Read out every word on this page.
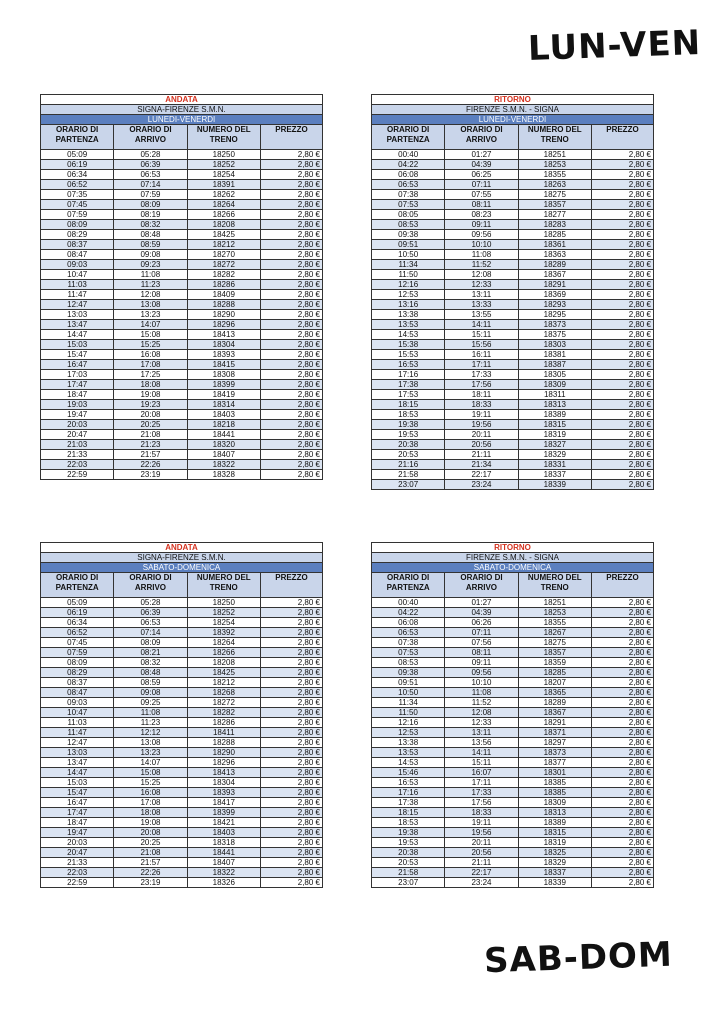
LUN-VEN
SAB-DOM
ANDATA			
SIGNA-FIRENZE S.M.N.			
LUNEDI-VENERDI			
ORARIO DI PARTENZA	ORARIO DI ARRIVO	NUMERO DEL TRENO	PREZZO
05:09	05:28	18250	2,80 €
06:19	06:39	18252	2,80 €
06:34	06:53	18254	2,80 €
06:52	07:14	18391	2,80 €
07:35	07:59	18262	2,80 €
07:45	08:09	18264	2,80 €
07:59	08:19	18266	2,80 €
08:09	08:32	18208	2,80 €
08:29	08:48	18425	2,80 €
08:37	08:59	18212	2,80 €
08:47	09:08	18270	2,80 €
09:03	09:23	18272	2,80 €
10:47	11:08	18282	2,80 €
11:03	11:23	18286	2,80 €
11:47	12:08	18409	2,80 €
12:47	13:08	18288	2,80 €
13:03	13:23	18290	2,80 €
13:47	14:07	18296	2,80 €
14:47	15:08	18413	2,80 €
15:03	15:25	18304	2,80 €
15:47	16:08	18393	2,80 €
16:47	17:08	18415	2,80 €
17:03	17:25	18308	2,80 €
17:47	18:08	18399	2,80 €
18:47	19:08	18419	2,80 €
19:03	19:23	18314	2,80 €
19:47	20:08	18403	2,80 €
20:03	20:25	18218	2,80 €
20:47	21:08	18441	2,80 €
21:03	21:23	18320	2,80 €
21:33	21:57	18407	2,80 €
22:03	22:26	18322	2,80 €
22:59	23:19	18328	2,80 €
RITORNO			
FIRENZE S.M.N. - SIGNA			
LUNEDI-VENERDI			
ORARIO DI PARTENZA	ORARIO DI ARRIVO	NUMERO DEL TRENO	PREZZO
00:40	01:27	18251	2,80 €
04:22	04:39	18253	2,80 €
06:08	06:25	18355	2,80 €
06:53	07:11	18263	2,80 €
07:38	07:55	18275	2,80 €
07:53	08:11	18357	2,80 €
08:05	08:23	18277	2,80 €
08:53	09:11	18283	2,80 €
09:38	09:56	18285	2,80 €
09:51	10:10	18361	2,80 €
10:50	11:08	18363	2,80 €
11:34	11:52	18289	2,80 €
11:50	12:08	18367	2,80 €
12:16	12:33	18291	2,80 €
12:53	13:11	18369	2,80 €
13:16	13:33	18293	2,80 €
13:38	13:55	18295	2,80 €
13:53	14:11	18373	2,80 €
14:53	15:11	18375	2,80 €
15:38	15:56	18303	2,80 €
15:53	16:11	18381	2,80 €
16:53	17:11	18387	2,80 €
17:16	17:33	18305	2,80 €
17:38	17:56	18309	2,80 €
17:53	18:11	18311	2,80 €
18:15	18:33	18313	2,80 €
18:53	19:11	18389	2,80 €
19:38	19:56	18315	2,80 €
19:53	20:11	18319	2,80 €
20:38	20:56	18327	2,80 €
20:53	21:11	18329	2,80 €
21:16	21:34	18331	2,80 €
21:58	22:17	18337	2,80 €
23:07	23:24	18339	2,80 €
ANDATA			
SIGNA-FIRENZE S.M.N.			
SABATO-DOMENICA			
ORARIO DI PARTENZA	ORARIO DI ARRIVO	NUMERO DEL TRENO	PREZZO
05:09	05:28	18250	2,80 €
06:19	06:39	18252	2,80 €
06:34	06:53	18254	2,80 €
06:52	07:14	18392	2,80 €
07:45	08:09	18264	2,80 €
07:59	08:21	18266	2,80 €
08:09	08:32	18208	2,80 €
08:29	08:48	18425	2,80 €
08:37	08:59	18212	2,80 €
08:47	09:08	18268	2,80 €
09:03	09:25	18272	2,80 €
10:47	11:08	18282	2,80 €
11:03	11:23	18286	2,80 €
11:47	12:12	18411	2,80 €
12:47	13:08	18288	2,80 €
13:03	13:23	18290	2,80 €
13:47	14:07	18296	2,80 €
14:47	15:08	18413	2,80 €
15:03	15:25	18304	2,80 €
15:47	16:08	18393	2,80 €
16:47	17:08	18417	2,80 €
17:47	18:08	18399	2,80 €
18:47	19:08	18421	2,80 €
19:47	20:08	18403	2,80 €
20:03	20:25	18318	2,80 €
20:47	21:08	18441	2,80 €
21:33	21:57	18407	2,80 €
22:03	22:26	18322	2,80 €
22:59	23:19	18326	2,80 €
RITORNO			
FIRENZE S.M.N. - SIGNA			
SABATO-DOMENICA			
ORARIO DI PARTENZA	ORARIO DI ARRIVO	NUMERO DEL TRENO	PREZZO
00:40	01:27	18251	2,80 €
04:22	04:39	18253	2,80 €
06:08	06:26	18355	2,80 €
06:53	07:11	18267	2,80 €
07:38	07:56	18275	2,80 €
07:53	08:11	18357	2,80 €
08:53	09:11	18359	2,80 €
09:38	09:56	18285	2,80 €
09:51	10:10	18207	2,80 €
10:50	11:08	18365	2,80 €
11:34	11:52	18289	2,80 €
11:50	12:08	18367	2,80 €
12:16	12:33	18291	2,80 €
12:53	13:11	18371	2,80 €
13:38	13:56	18297	2,80 €
13:53	14:11	18373	2,80 €
14:53	15:11	18377	2,80 €
15:46	16:07	18301	2,80 €
16:53	17:11	18385	2,80 €
17:16	17:33	18385	2,80 €
17:38	17:56	18309	2,80 €
18:15	18:33	18313	2,80 €
18:53	19:11	18389	2,80 €
19:38	19:56	18315	2,80 €
19:53	20:11	18319	2,80 €
20:38	20:56	18325	2,80 €
20:53	21:11	18329	2,80 €
21:58	22:17	18337	2,80 €
23:07	23:24	18339	2,80 €
